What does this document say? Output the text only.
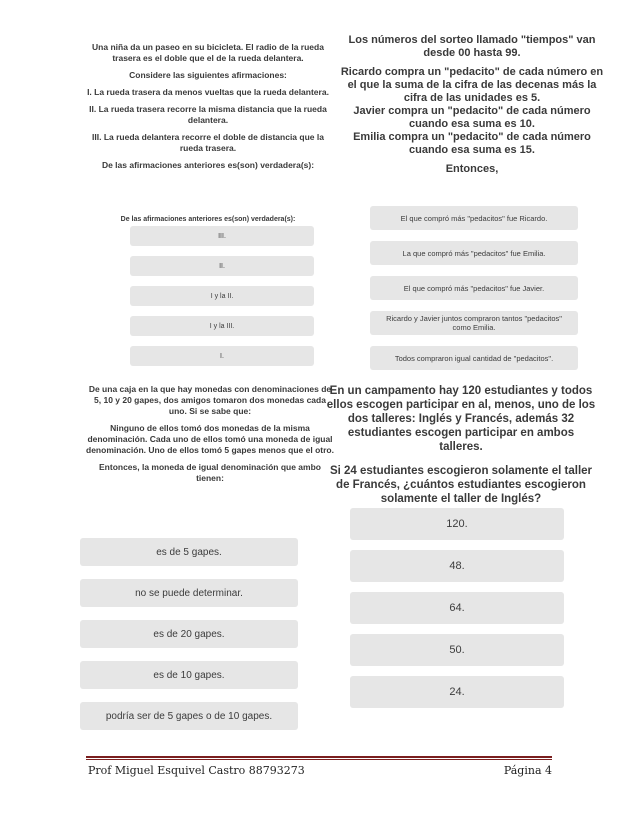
Una niña da un paseo en su bicicleta. El radio de la rueda trasera es el doble que el de la rueda delantera.

Considere las siguientes afirmaciones:

I. La rueda trasera da menos vueltas que la rueda delantera.

II. La rueda trasera recorre la misma distancia que la rueda delantera.

III. La rueda delantera recorre el doble de distancia que la rueda trasera.

De las afirmaciones anteriores es(son) verdadera(s):

De las afirmaciones anteriores es(son) verdadera(s):
III.
II.
I y la II.
I y la III.
I.

Los números del sorteo llamado "tiempos" van desde 00 hasta 99.

Ricardo compra un "pedacito" de cada número en el que la suma de la cifra de las decenas más la cifra de las unidades es 5.

Javier compra un "pedacito" de cada número cuando esa suma es 10.

Emilia compra un "pedacito" de cada número cuando esa suma es 15.

Entonces,

El que compró más "pedacitos" fue Ricardo.
La que compró más "pedacitos" fue Emilia.
El que compró más "pedacitos" fue Javier.
Ricardo y Javier juntos compraron tantos "pedacitos" como Emilia.
Todos compraron igual cantidad de "pedacitos".

De una caja en la que hay monedas con denominaciones de 5, 10 y 20 gapes, dos amigos tomaron dos monedas cada uno. Si se sabe que:

Ninguno de ellos tomó dos monedas de la misma denominación. Cada uno de ellos tomó una moneda de igual denominación. Uno de ellos tomó 5 gapes menos que el otro.

Entonces, la moneda de igual denominación que ambo tienen:

es de 5 gapes.
no se puede determinar.
es de 20 gapes.
es de 10 gapes.
podría ser de 5 gapes o de 10 gapes.

En un campamento hay 120 estudiantes y todos ellos escogen participar en al, menos, uno de los dos talleres: Inglés y Francés, además 32 estudiantes escogen participar en ambos talleres.

Si 24 estudiantes escogieron solamente el taller de Francés, ¿cuántos estudiantes escogieron solamente el taller de Inglés?

120.
48.
64.
50.
24.
Prof Miguel Esquivel Castro 88793273	Página 4
